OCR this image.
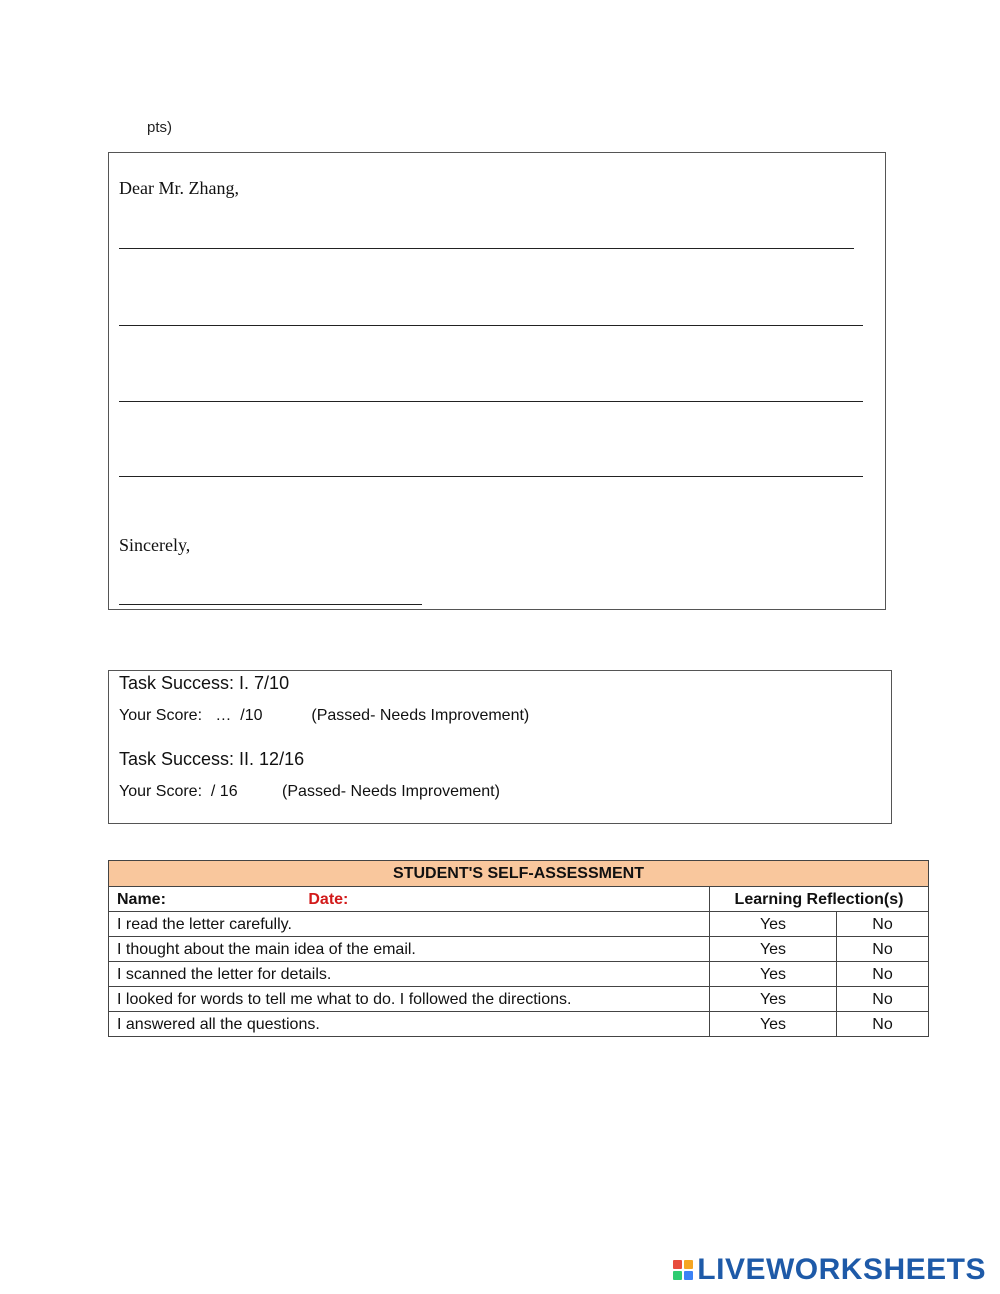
pts)
Dear Mr. Zhang,
Sincerely,
Task Success: I. 7/10
Your Score:   …  /10           (Passed- Needs Improvement)
Task Success: II. 12/16
Your Score:  / 16          (Passed- Needs Improvement)
STUDENT'S SELF-ASSESSMENT		
Name: Date:	Learning Reflection(s)	
I read the letter carefully.	Yes	No
I thought about the main idea of the email.	Yes	No
I scanned the letter for details.	Yes	No
I looked for words to tell me what to do. I followed the directions.	Yes	No
I answered all the questions.	Yes	No
LIVEWORKSHEETS
